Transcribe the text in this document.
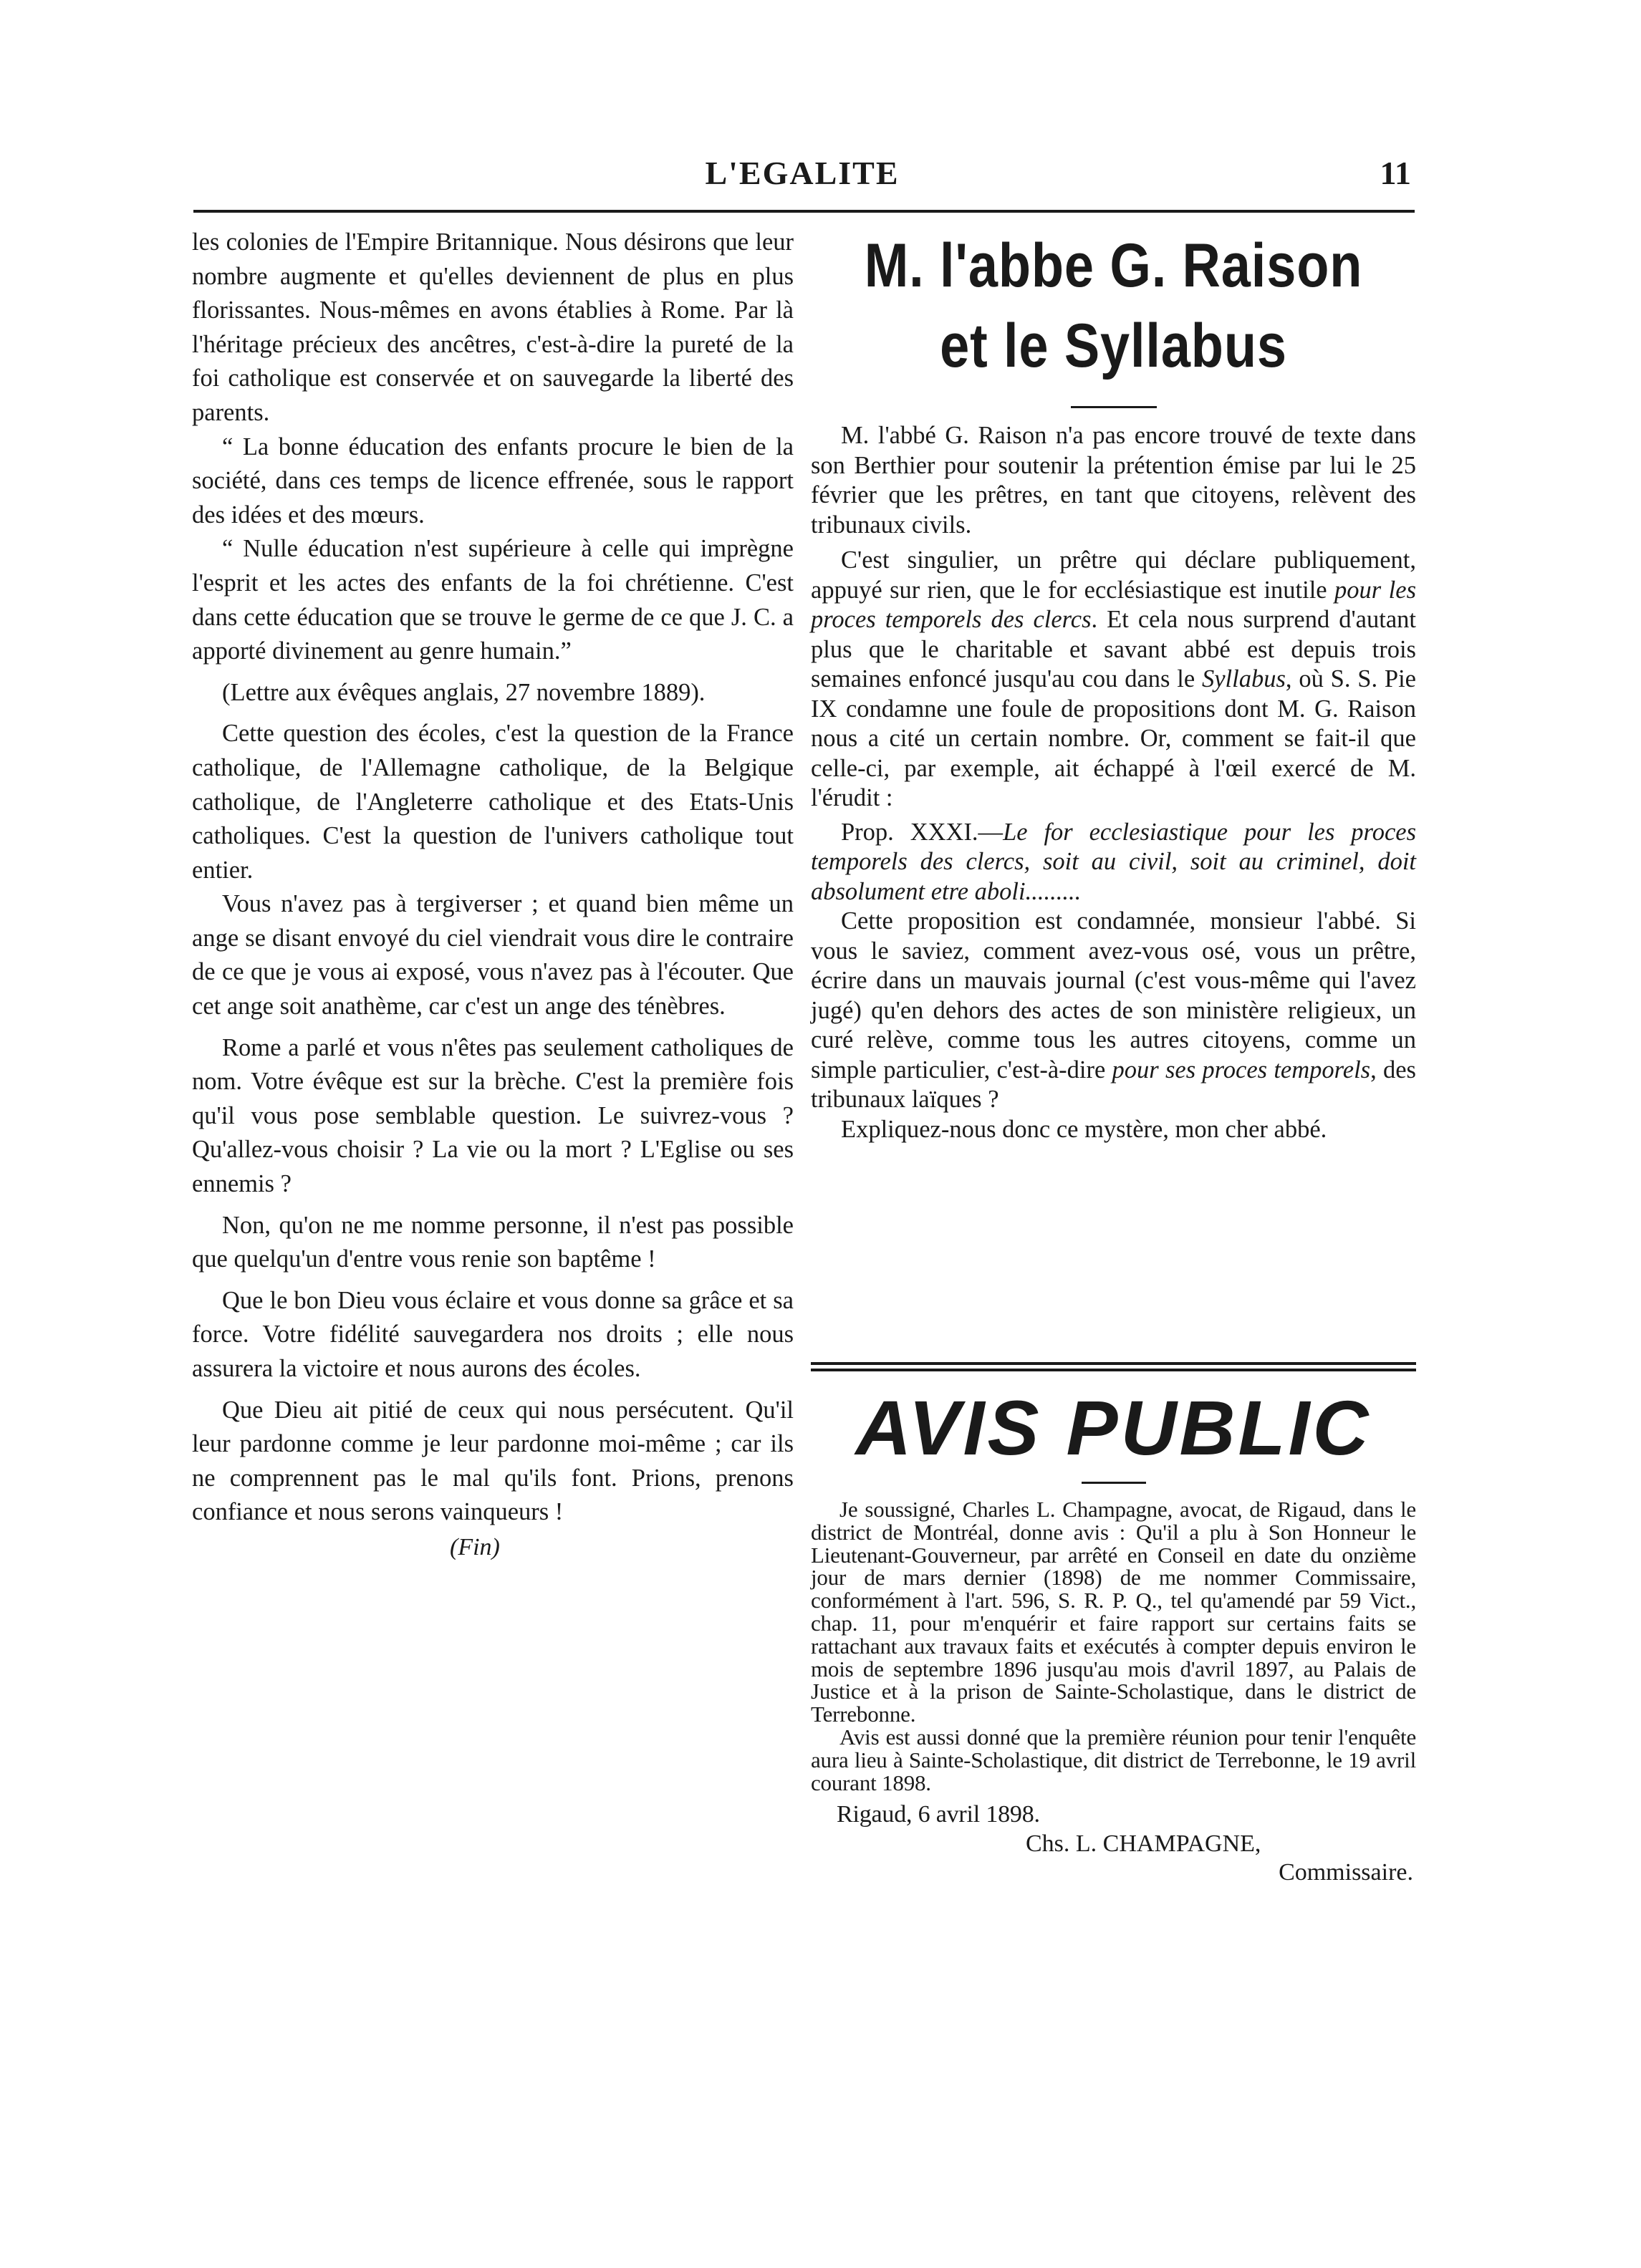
L'EGALITE	11

les colonies de l'Empire Britannique. Nous désirons que leur nombre augmente et qu'elles deviennent de plus en plus florissantes. Nous-mêmes en avons établies à Rome. Par là l'héritage précieux des ancêtres, c'est-à-dire la pureté de la foi catholique est conservée et on sauvegarde la liberté des parents.

“ La bonne éducation des enfants procure le bien de la société, dans ces temps de licence effrenée, sous le rapport des idées et des mœurs.

“ Nulle éducation n'est supérieure à celle qui imprègne l'esprit et les actes des enfants de la foi chrétienne. C'est dans cette éducation que se trouve le germe de ce que J. C. a apporté divinement au genre humain.”

(Lettre aux évêques anglais, 27 novembre 1889).

Cette question des écoles, c'est la question de la France catholique, de l'Allemagne catholique, de la Belgique catholique, de l'Angleterre catholique et des Etats-Unis catholiques. C'est la question de l'univers catholique tout entier.

Vous n'avez pas à tergiverser ; et quand bien même un ange se disant envoyé du ciel viendrait vous dire le contraire de ce que je vous ai exposé, vous n'avez pas à l'écouter. Que cet ange soit anathème, car c'est un ange des ténèbres.

Rome a parlé et vous n'êtes pas seulement catholiques de nom. Votre évêque est sur la brèche. C'est la première fois qu'il vous pose semblable question. Le suivrez-vous ? Qu'allez-vous choisir ? La vie ou la mort ? L'Eglise ou ses ennemis ?

Non, qu'on ne me nomme personne, il n'est pas possible que quelqu'un d'entre vous renie son baptême !

Que le bon Dieu vous éclaire et vous donne sa grâce et sa force. Votre fidélité sauvegardera nos droits ; elle nous assurera la victoire et nous aurons des écoles.

Que Dieu ait pitié de ceux qui nous persécutent. Qu'il leur pardonne comme je leur pardonne moi-même ; car ils ne comprennent pas le mal qu'ils font. Prions, prenons confiance et nous serons vainqueurs !

(Fin)
M. l'abbe G. Raison et le Syllabus

M. l'abbé G. Raison n'a pas encore trouvé de texte dans son Berthier pour soutenir la prétention émise par lui le 25 février que les prêtres, en tant que citoyens, relèvent des tribunaux civils.

C'est singulier, un prêtre qui déclare publiquement, appuyé sur rien, que le for ecclésiastique est inutile pour les proces temporels des clercs. Et cela nous surprend d'autant plus que le charitable et savant abbé est depuis trois semaines enfoncé jusqu'au cou dans le Syllabus, où S. S. Pie IX condamne une foule de propositions dont M. G. Raison nous a cité un certain nombre. Or, comment se fait-il que celle-ci, par exemple, ait échappé à l'œil exercé de M. l'érudit :

Prop. XXXI.—Le for ecclesiastique pour les proces temporels des clercs, soit au civil, soit au criminel, doit absolument etre aboli.........

Cette proposition est condamnée, monsieur l'abbé. Si vous le saviez, comment avez-vous osé, vous un prêtre, écrire dans un mauvais journal (c'est vous-même qui l'avez jugé) qu'en dehors des actes de son ministère religieux, un curé relève, comme tous les autres citoyens, comme un simple particulier, c'est-à-dire pour ses proces temporels, des tribunaux laïques ?

Expliquez-nous donc ce mystère, mon cher abbé.

AVIS PUBLIC

Je soussigné, Charles L. Champagne, avocat, de Rigaud, dans le district de Montréal, donne avis : Qu'il a plu à Son Honneur le Lieutenant-Gouverneur, par arrêté en Conseil en date du onzième jour de mars dernier (1898) de me nommer Commissaire, conformément à l'art. 596, S. R. P. Q., tel qu'amendé par 59 Vict., chap. 11, pour m'enquérir et faire rapport sur certains faits se rattachant aux travaux faits et exécutés à compter depuis environ le mois de septembre 1896 jusqu'au mois d'avril 1897, au Palais de Justice et à la prison de Sainte-Scholastique, dans le district de Terrebonne.

Avis est aussi donné que la première réunion pour tenir l'enquête aura lieu à Sainte-Scholastique, dit district de Terrebonne, le 19 avril courant 1898.

Rigaud, 6 avril 1898.

Chs. L. CHAMPAGNE,
Commissaire.
